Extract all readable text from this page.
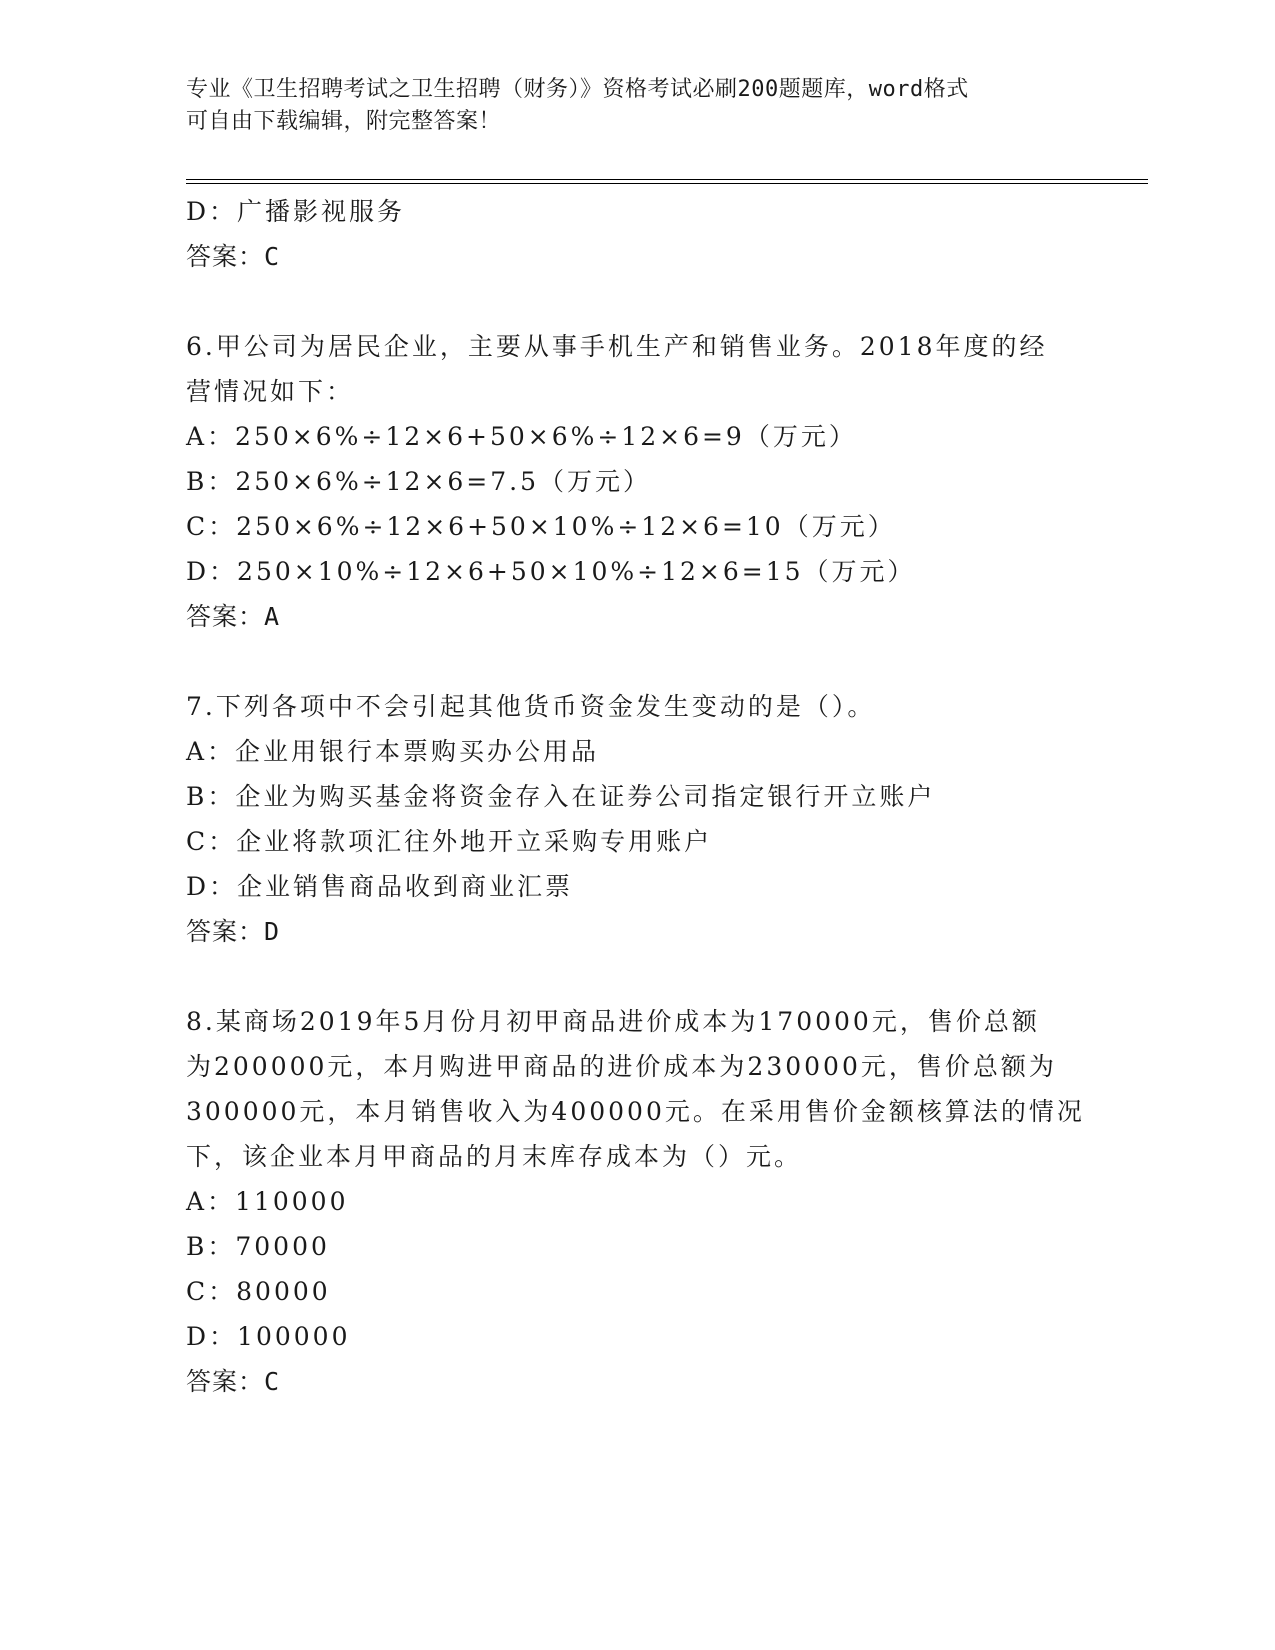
专业《卫生招聘考试之卫生招聘（财务）》资格考试必刷200题题库，word格式
可自由下载编辑，附完整答案！
D：广播影视服务
答案：C
6.甲公司为居民企业，主要从事手机生产和销售业务。2018年度的经
营情况如下：
A：250×6%÷12×6+50×6%÷12×6=9（万元）
B：250×6%÷12×6=7.5（万元）
C：250×6%÷12×6+50×10%÷12×6=10（万元）
D：250×10%÷12×6+50×10%÷12×6=15（万元）
答案：A
7.下列各项中不会引起其他货币资金发生变动的是（）。
A：企业用银行本票购买办公用品
B：企业为购买基金将资金存入在证券公司指定银行开立账户
C：企业将款项汇往外地开立采购专用账户
D：企业销售商品收到商业汇票
答案：D
8.某商场2019年5月份月初甲商品进价成本为170000元，售价总额
为200000元，本月购进甲商品的进价成本为230000元，售价总额为
300000元，本月销售收入为400000元。在采用售价金额核算法的情况
下，该企业本月甲商品的月末库存成本为（）元。
A：110000
B：70000
C：80000
D：100000
答案：C
